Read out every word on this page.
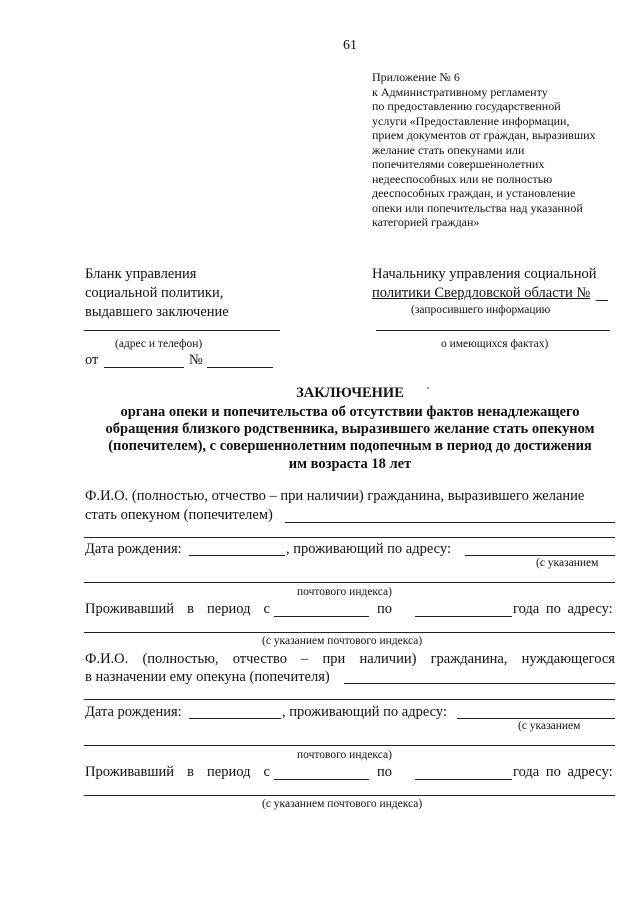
61
Приложение № 6
к Административному регламенту
по предоставлению государственной
услуги «Предоставление информации,
прием документов от граждан, выразивших
желание стать опекунами или
попечителями совершеннолетних
недееспособных или не полностью
дееспособных граждан, и установление
опеки или попечительства над указанной
категорией граждан»
Бланк управления
социальной политики,
выдавшего заключение
(адрес и телефон)
от	№
Начальнику управления социальной
политики Свердловской области №
(запросившего информацию
о имеющихся фактах)
ЗАКЛЮЧЕНИЕ
органа опеки и попечительства об отсутствии фактов ненадлежащего
обращения близкого родственника, выразившего желание стать опекуном
(попечителем), с совершеннолетним подопечным в период до достижения
им возраста 18 лет
Ф.И.О. (полностью, отчество – при наличии) гражданина, выразившего желание
стать опекуном (попечителем)
Дата рождения:	, проживающий по адресу:
(с указанием
почтового индекса)
Проживавший в период с	по	года по адресу:
(с указанием почтового индекса)
Ф.И.О. (полностью, отчество – при наличии) гражданина, нуждающегося
в назначении ему опекуна (попечителя)
Дата рождения:	, проживающий по адресу:
(с указанием
почтового индекса)
Проживавший в период с	по	года по адресу:
(с указанием почтового индекса)
